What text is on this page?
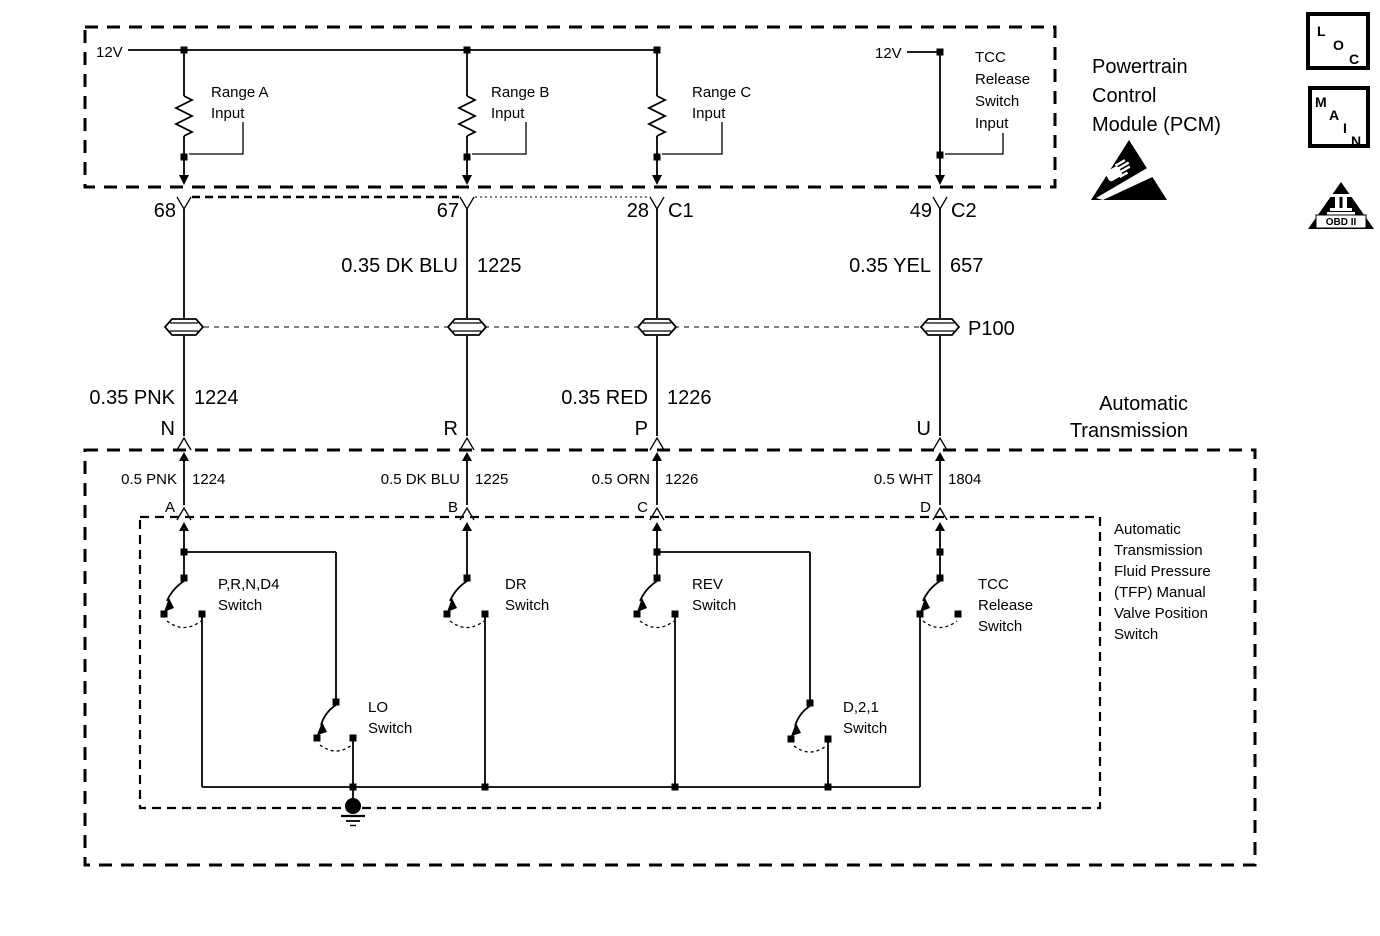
12V
Range A
Input
Range B
Input
Range C
Input
12V	TCC
Release
Switch
Input
Powertrain
Control
Module (PCM)
68	67	28 C1	49 C2
0.35 DK BLU 1225	0.35 YEL 657
P100
0.35 PNK 1224	0.35 RED 1226
N	R	P	U
Automatic
Transmission
0.5 PNK 1224
A
0.5 DK BLU 1225
B
0.5 ORN 1226
C
0.5 WHT 1804
D
Automatic
Transmission
Fluid Pressure
(TFP) Manual
Valve Position
Switch
P,R,N,D4
Switch
DR
Switch
REV
Switch
TCC
Release
Switch
LO
Switch
D,2,1
Switch
L
O
C
M
A
I
N
OBD II
